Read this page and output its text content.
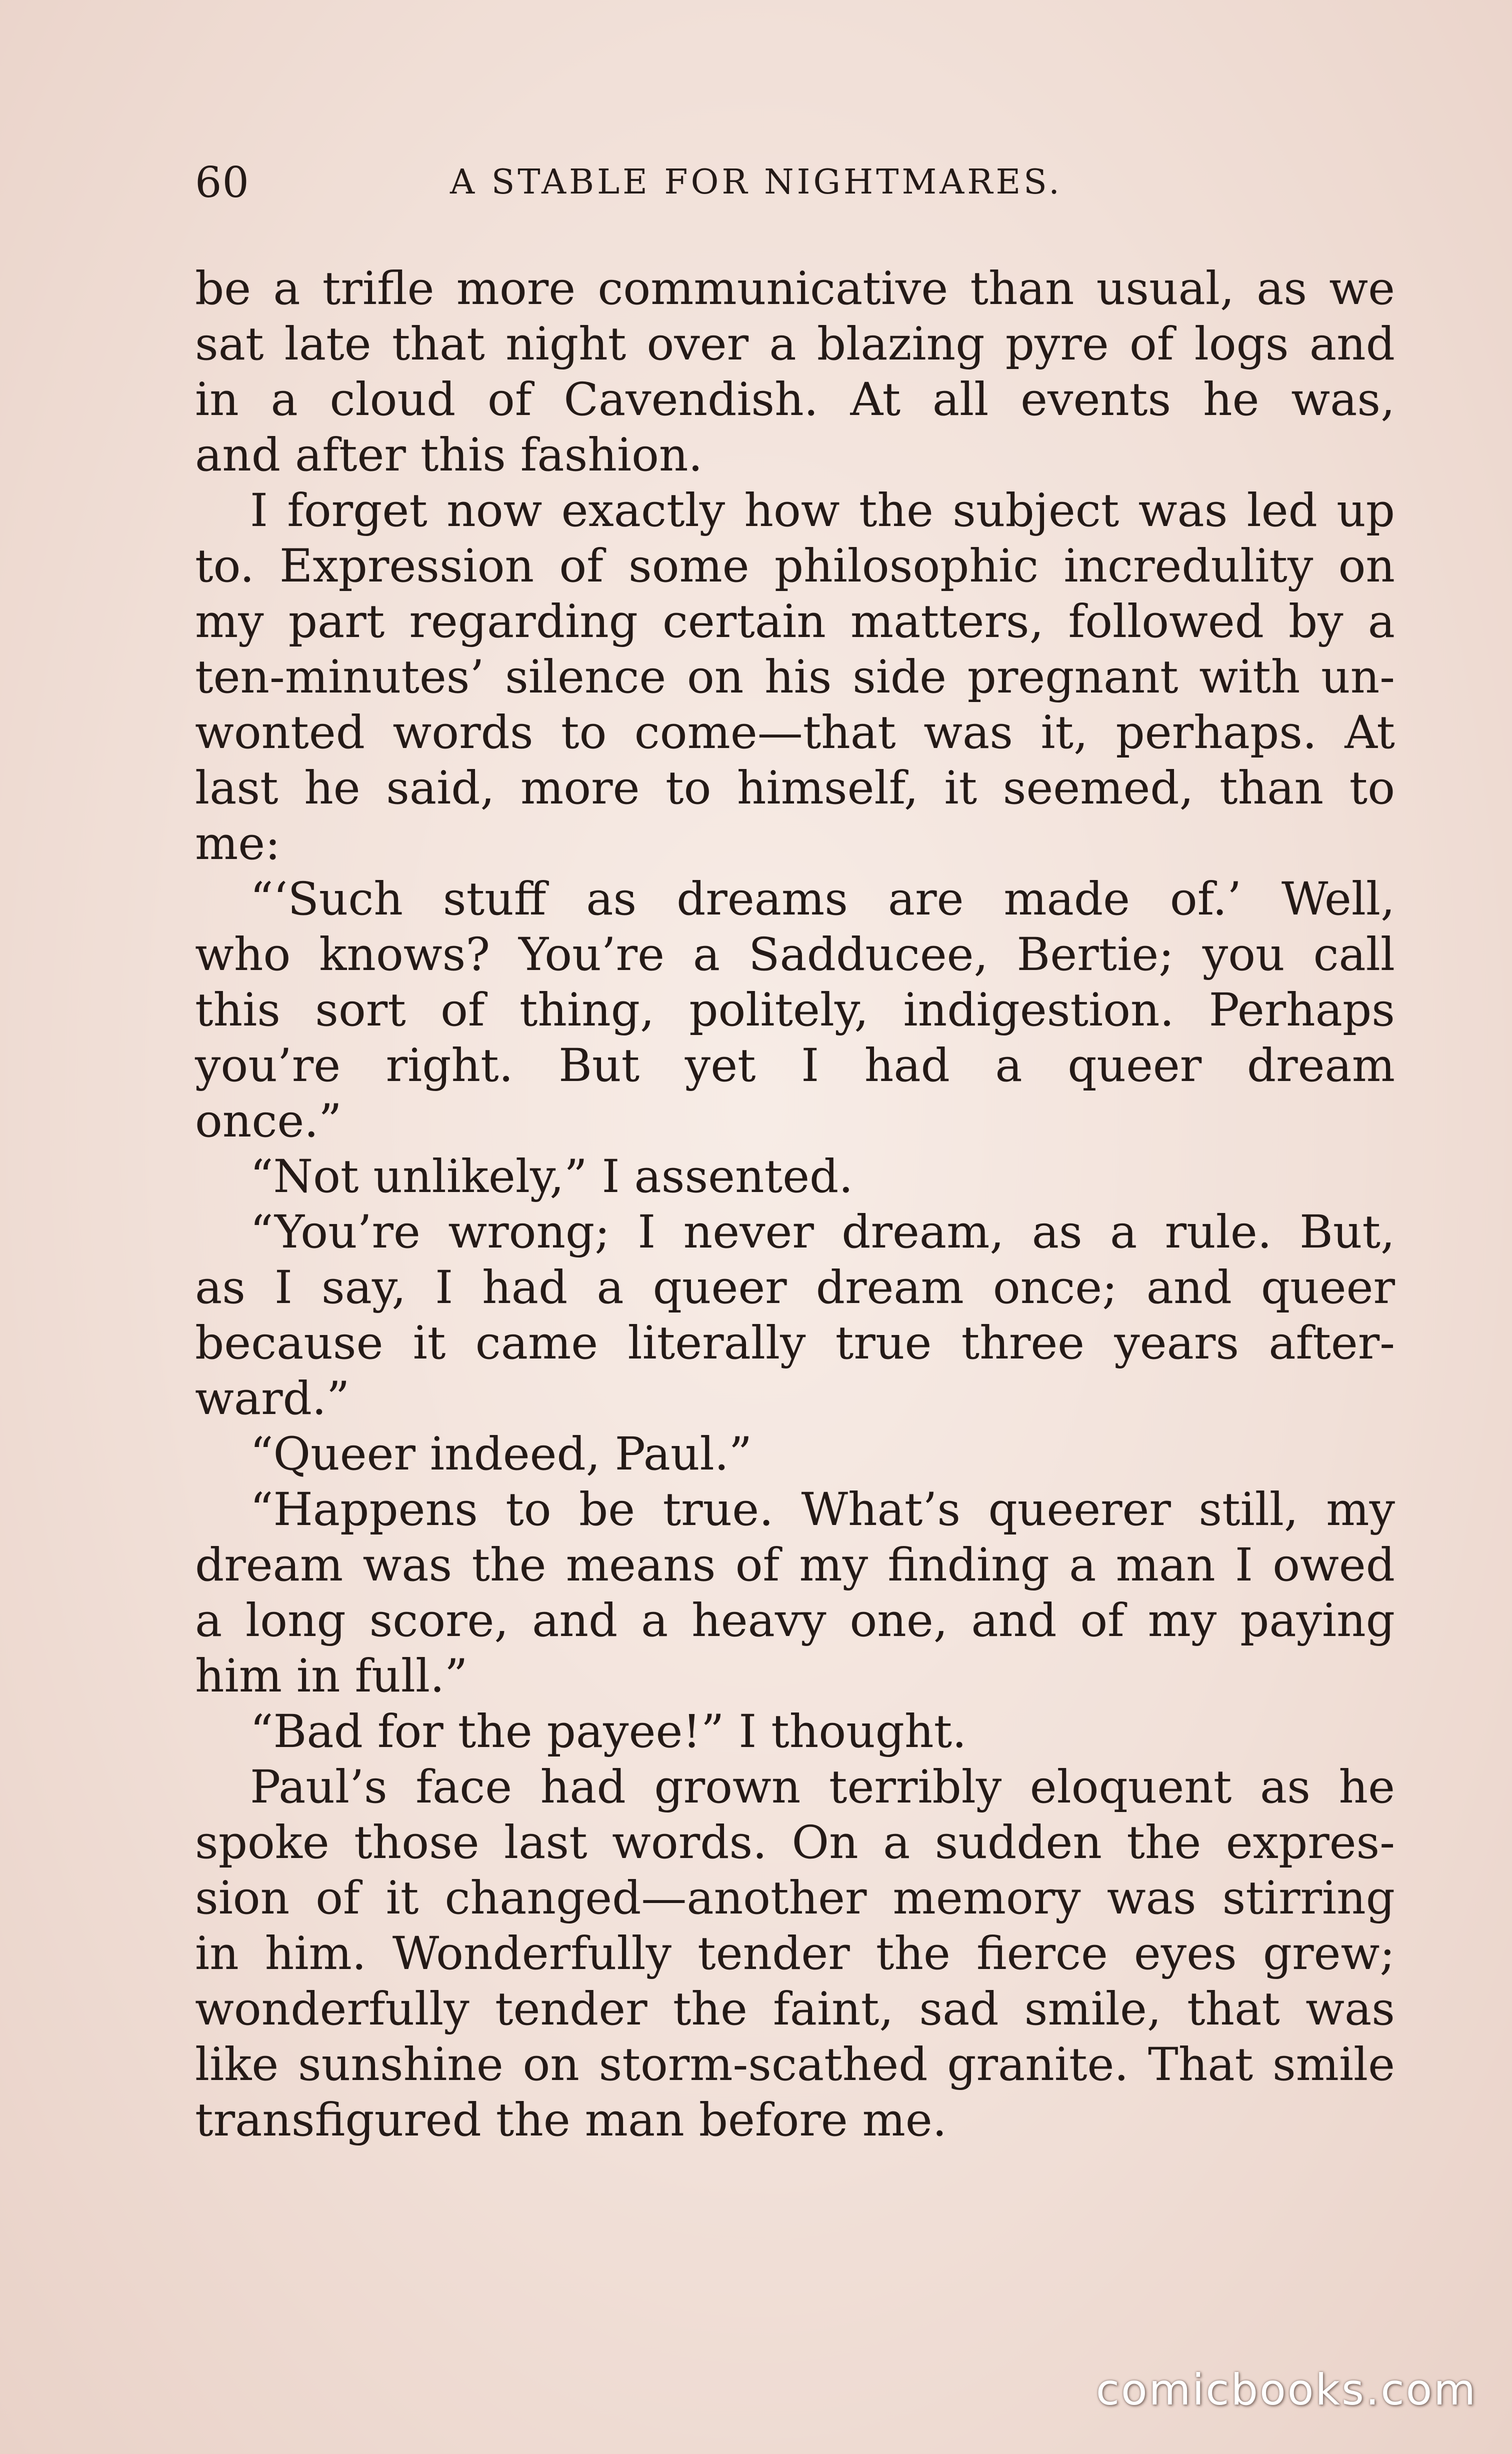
60	A STABLE FOR NIGHTMARES.
be a trifle more communicative than usual, as we
sat late that night over a blazing pyre of logs and
in a cloud of Cavendish. At all events he was,
and after this fashion.
I forget now exactly how the subject was led up
to. Expression of some philosophic incredulity on
my part regarding certain matters, followed by a
ten-minutes’ silence on his side pregnant with un-
wonted words to come—that was it, perhaps. At
last he said, more to himself, it seemed, than to
me:
“‘Such stuff as dreams are made of.’ Well,
who knows? You’re a Sadducee, Bertie; you call
this sort of thing, politely, indigestion. Perhaps
you’re right. But yet I had a queer dream
once.”
“Not unlikely,” I assented.
“You’re wrong; I never dream, as a rule. But,
as I say, I had a queer dream once; and queer
because it came literally true three years after-
ward.”
“Queer indeed, Paul.”
“Happens to be true. What’s queerer still, my
dream was the means of my finding a man I owed
a long score, and a heavy one, and of my paying
him in full.”
“Bad for the payee!” I thought.
Paul’s face had grown terribly eloquent as he
spoke those last words. On a sudden the expres-
sion of it changed—another memory was stirring
in him. Wonderfully tender the fierce eyes grew;
wonderfully tender the faint, sad smile, that was
like sunshine on storm-scathed granite. That smile
transfigured the man before me.
comicbooks.com
